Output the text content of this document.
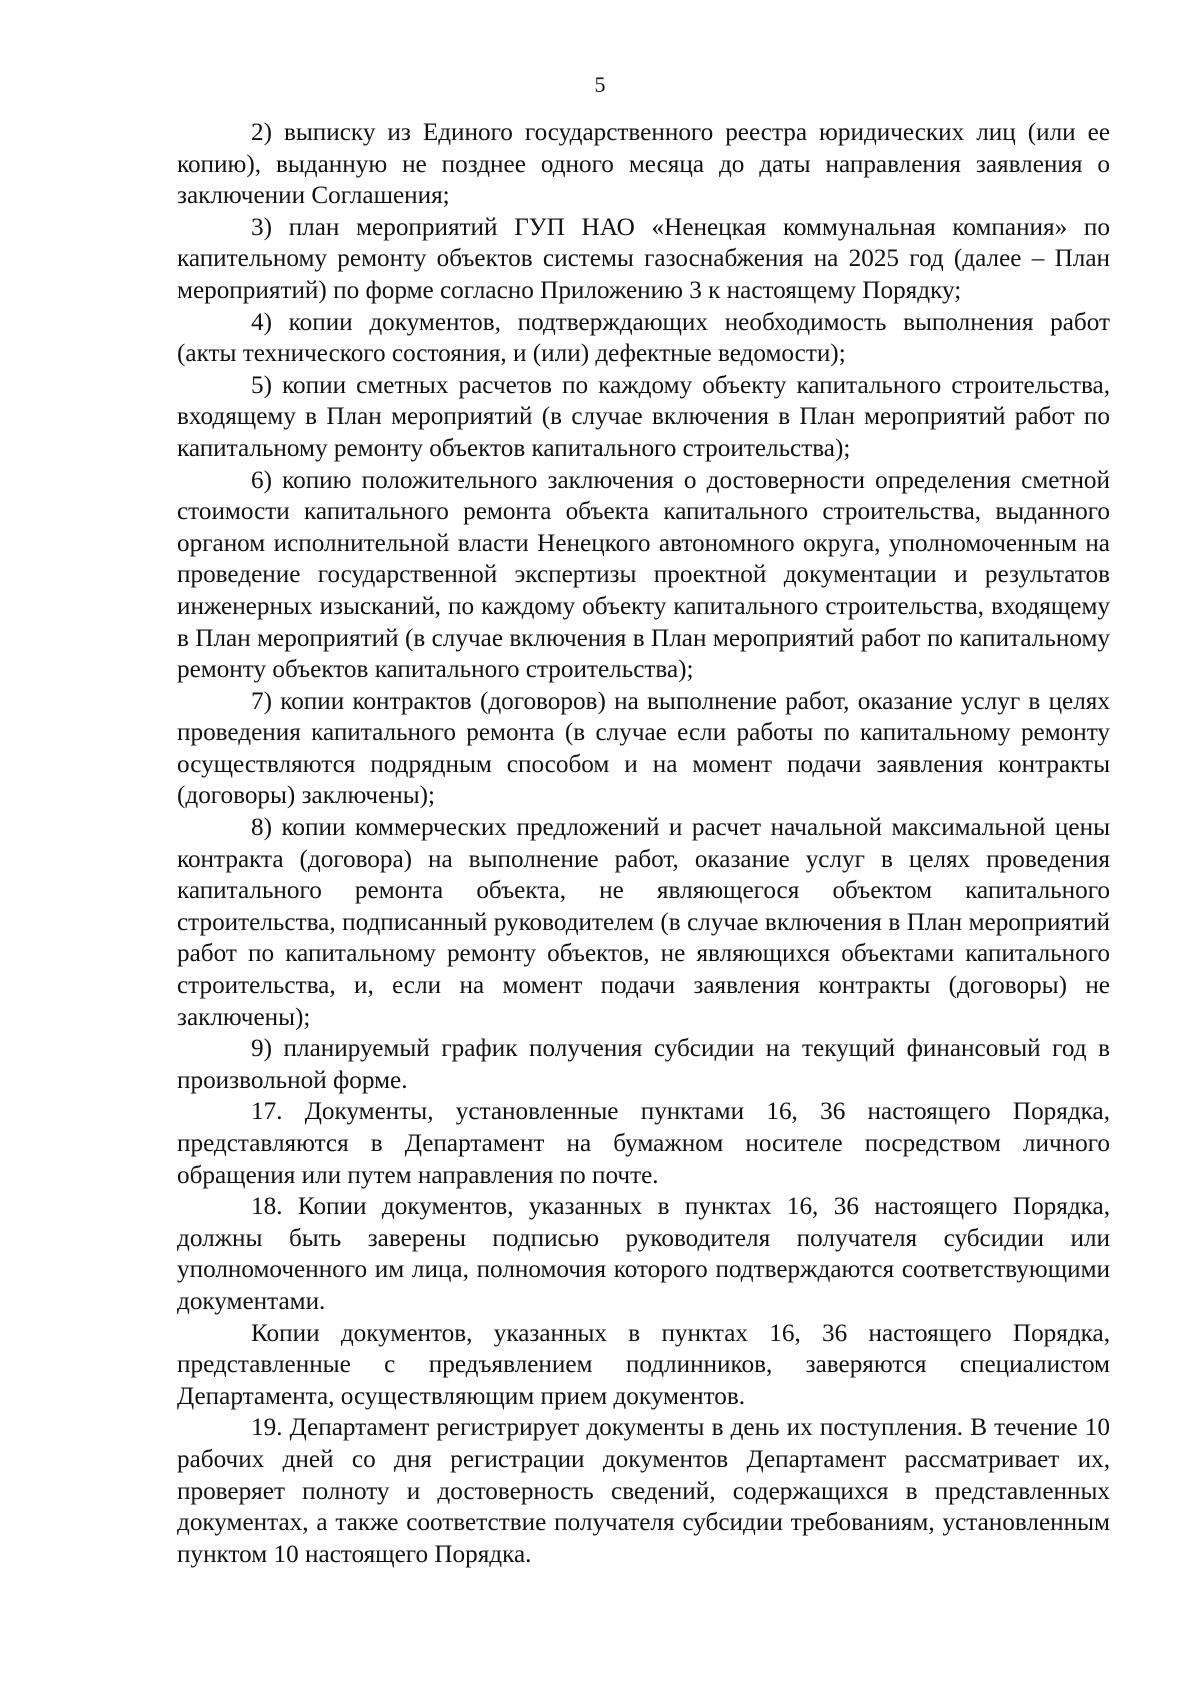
5

2) выписку из Единого государственного реестра юридических лиц (или ее копию), выданную не позднее одного месяца до даты направления заявления о заключении Соглашения;

3) план мероприятий ГУП НАО «Ненецкая коммунальная компания» по капительному ремонту объектов системы газоснабжения на 2025 год (далее – План мероприятий) по форме согласно Приложению 3 к настоящему Порядку;

4) копии документов, подтверждающих необходимость выполнения работ (акты технического состояния, и (или) дефектные ведомости);

5) копии сметных расчетов по каждому объекту капитального строительства, входящему в План мероприятий (в случае включения в План мероприятий работ по капитальному ремонту объектов капитального строительства);

6) копию положительного заключения о достоверности определения сметной стоимости капитального ремонта объекта капитального строительства, выданного органом исполнительной власти Ненецкого автономного округа, уполномоченным на проведение государственной экспертизы проектной документации и результатов инженерных изысканий, по каждому объекту капитального строительства, входящему в План мероприятий (в случае включения в План мероприятий работ по капитальному ремонту объектов капитального строительства);

7) копии контрактов (договоров) на выполнение работ, оказание услуг в целях проведения капитального ремонта (в случае если работы по капитальному ремонту осуществляются подрядным способом и на момент подачи заявления контракты (договоры) заключены);

8) копии коммерческих предложений и расчет начальной максимальной цены контракта (договора) на выполнение работ, оказание услуг в целях проведения капитального ремонта объекта, не являющегося объектом капитального строительства, подписанный руководителем (в случае включения в План мероприятий работ по капитальному ремонту объектов, не являющихся объектами капитального строительства, и, если на момент подачи заявления контракты (договоры) не заключены);

9) планируемый график получения субсидии на текущий финансовый год в произвольной форме.

17. Документы, установленные пунктами 16, 36 настоящего Порядка, представляются в Департамент на бумажном носителе посредством личного обращения или путем направления по почте.

18. Копии документов, указанных в пунктах 16, 36 настоящего Порядка, должны быть заверены подписью руководителя получателя субсидии или уполномоченного им лица, полномочия которого подтверждаются соответствующими документами.

Копии документов, указанных в пунктах 16, 36 настоящего Порядка, представленные с предъявлением подлинников, заверяются специалистом Департамента, осуществляющим прием документов.

19. Департамент регистрирует документы в день их поступления. В течение 10 рабочих дней со дня регистрации документов Департамент рассматривает их, проверяет полноту и достоверность сведений, содержащихся в представленных документах, а также соответствие получателя субсидии требованиям, установленным пунктом 10 настоящего Порядка.
